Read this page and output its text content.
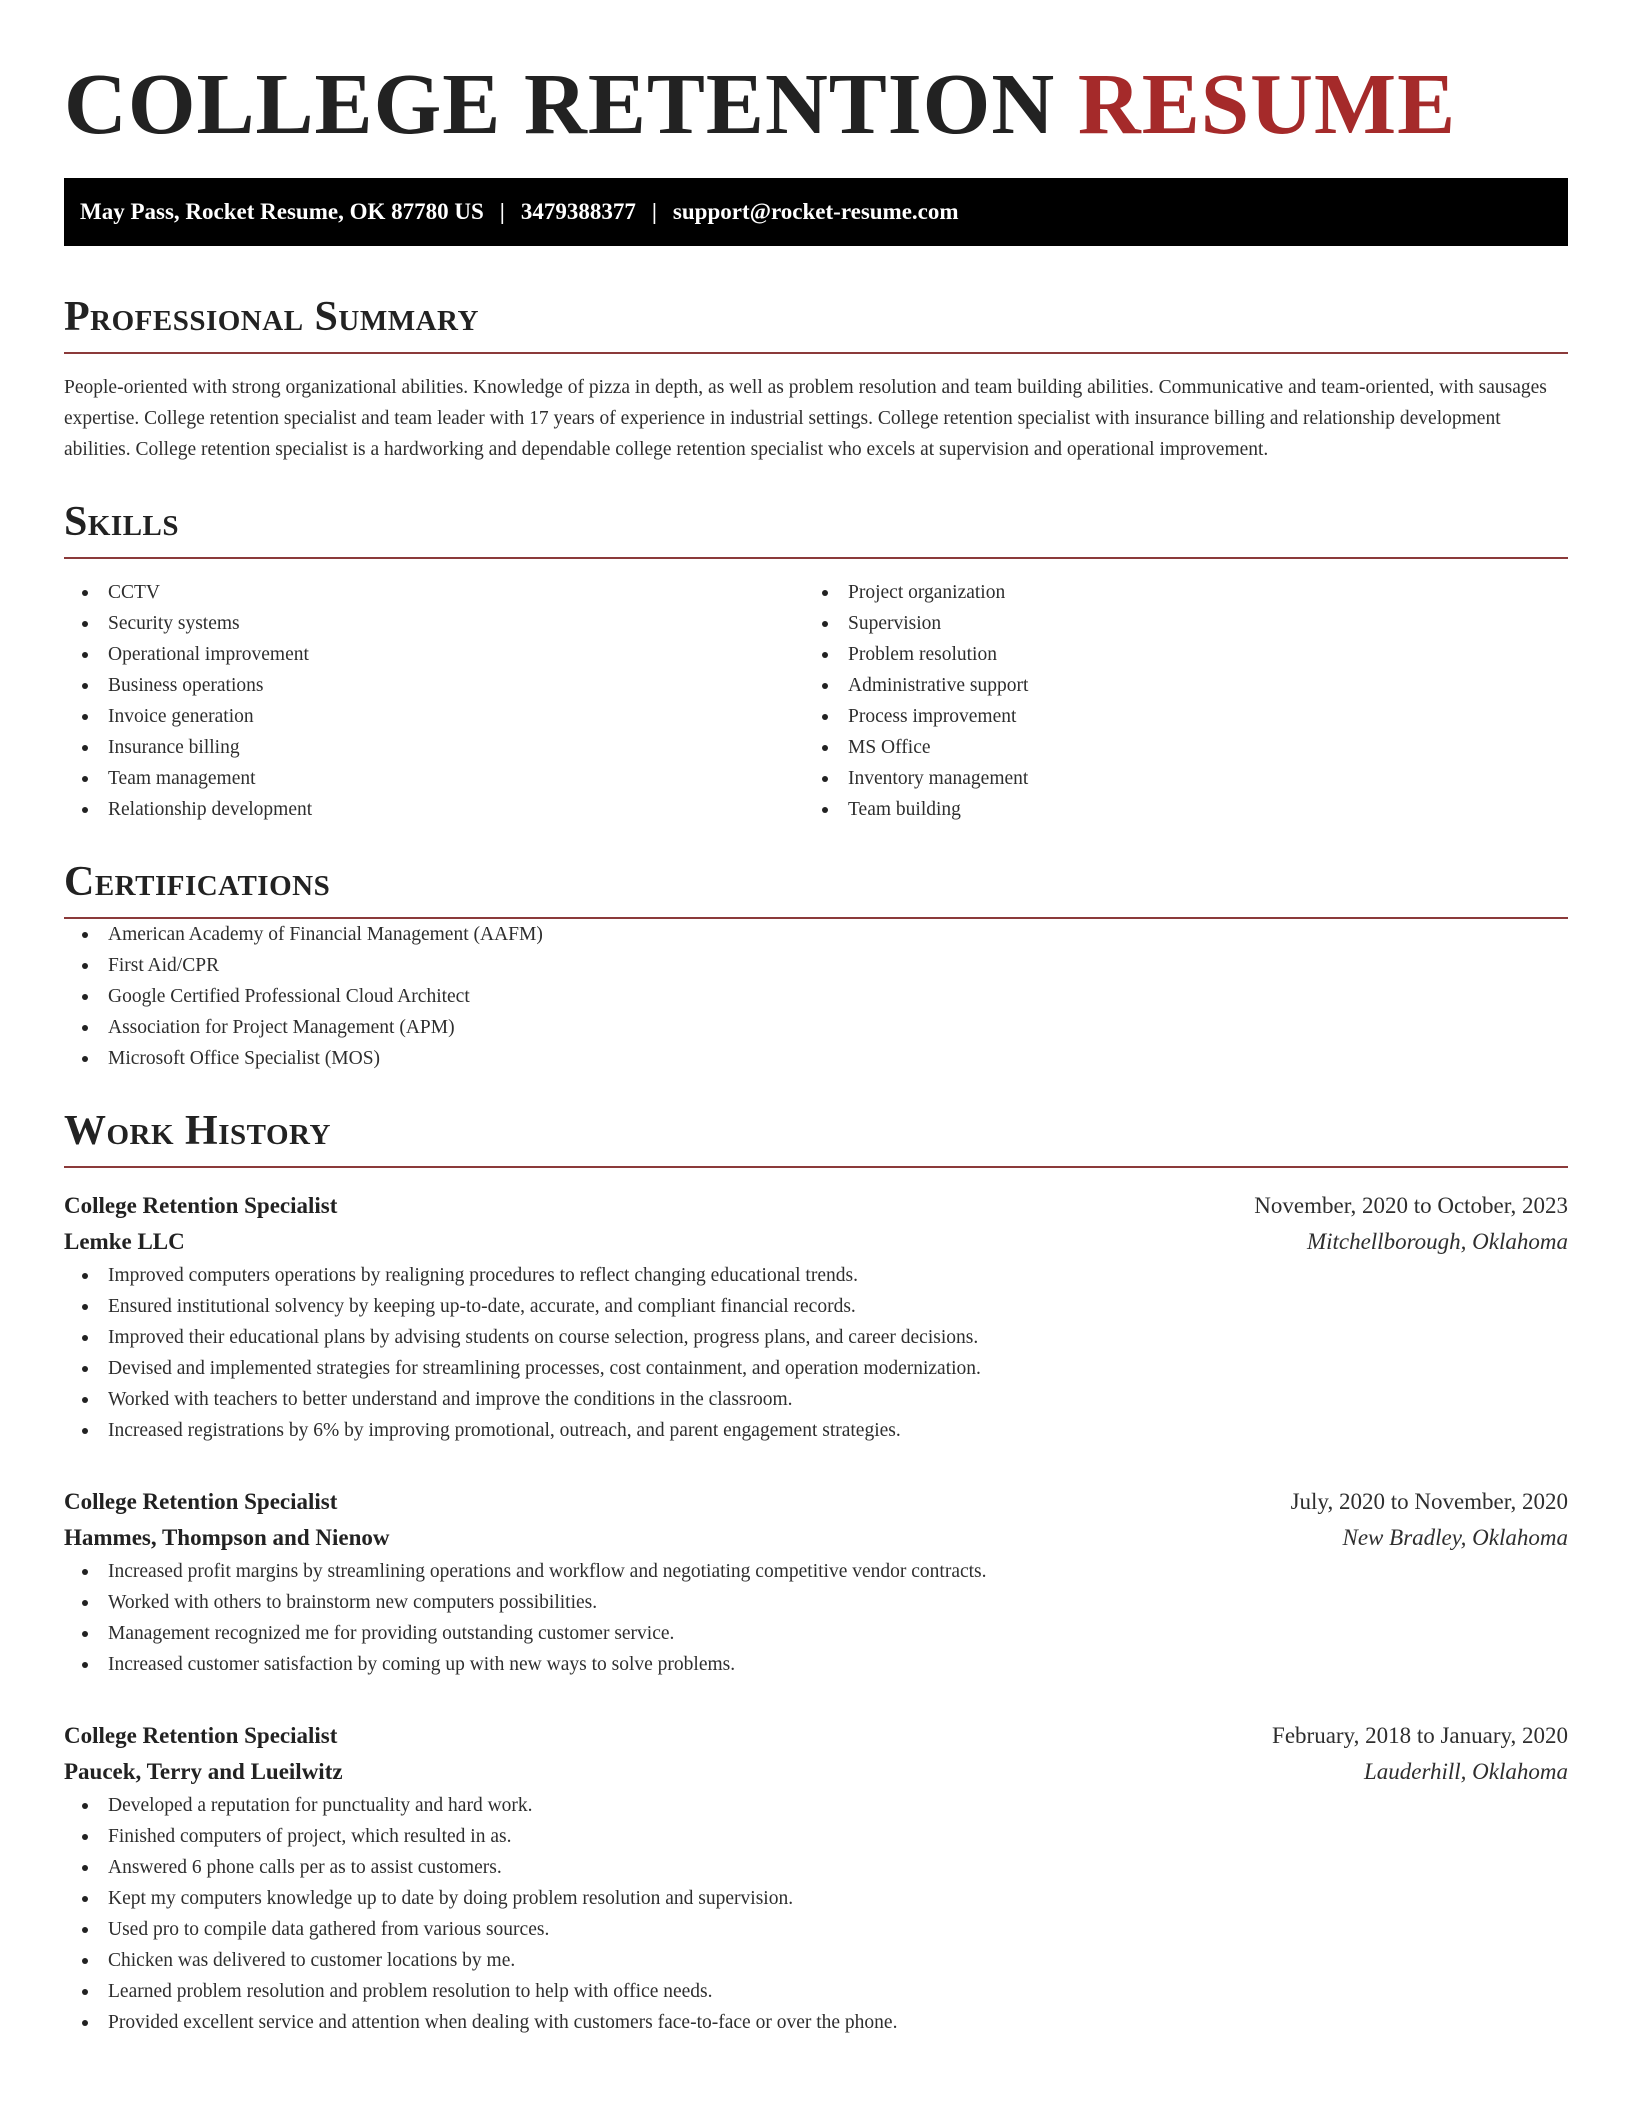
COLLEGE RETENTION RESUME
May Pass, Rocket Resume, OK 87780 US | 3479388377 | support@rocket-resume.com
Professional Summary

People-oriented with strong organizational abilities. Knowledge of pizza in depth, as well as problem resolution and team building abilities. Communicative and team-oriented, with sausages expertise. College retention specialist and team leader with 17 years of experience in industrial settings. College retention specialist with insurance billing and relationship development abilities. College retention specialist is a hardworking and dependable college retention specialist who excels at supervision and operational improvement.

Skills
CCTV
Security systems
Operational improvement
Business operations
Invoice generation
Insurance billing
Team management
Relationship development
Project organization
Supervision
Problem resolution
Administrative support
Process improvement
MS Office
Inventory management
Team building
Certifications
American Academy of Financial Management (AAFM)
First Aid/CPR
Google Certified Professional Cloud Architect
Association for Project Management (APM)
Microsoft Office Specialist (MOS)
Work History
College Retention Specialist	November, 2020 to October, 2023
Lemke LLC	Mitchellborough, Oklahoma
Improved computers operations by realigning procedures to reflect changing educational trends.
Ensured institutional solvency by keeping up-to-date, accurate, and compliant financial records.
Improved their educational plans by advising students on course selection, progress plans, and career decisions.
Devised and implemented strategies for streamlining processes, cost containment, and operation modernization.
Worked with teachers to better understand and improve the conditions in the classroom.
Increased registrations by 6% by improving promotional, outreach, and parent engagement strategies.
College Retention Specialist	July, 2020 to November, 2020
Hammes, Thompson and Nienow	New Bradley, Oklahoma
Increased profit margins by streamlining operations and workflow and negotiating competitive vendor contracts.
Worked with others to brainstorm new computers possibilities.
Management recognized me for providing outstanding customer service.
Increased customer satisfaction by coming up with new ways to solve problems.
College Retention Specialist	February, 2018 to January, 2020
Paucek, Terry and Lueilwitz	Lauderhill, Oklahoma
Developed a reputation for punctuality and hard work.
Finished computers of project, which resulted in as.
Answered 6 phone calls per as to assist customers.
Kept my computers knowledge up to date by doing problem resolution and supervision.
Used pro to compile data gathered from various sources.
Chicken was delivered to customer locations by me.
Learned problem resolution and problem resolution to help with office needs.
Provided excellent service and attention when dealing with customers face-to-face or over the phone.
